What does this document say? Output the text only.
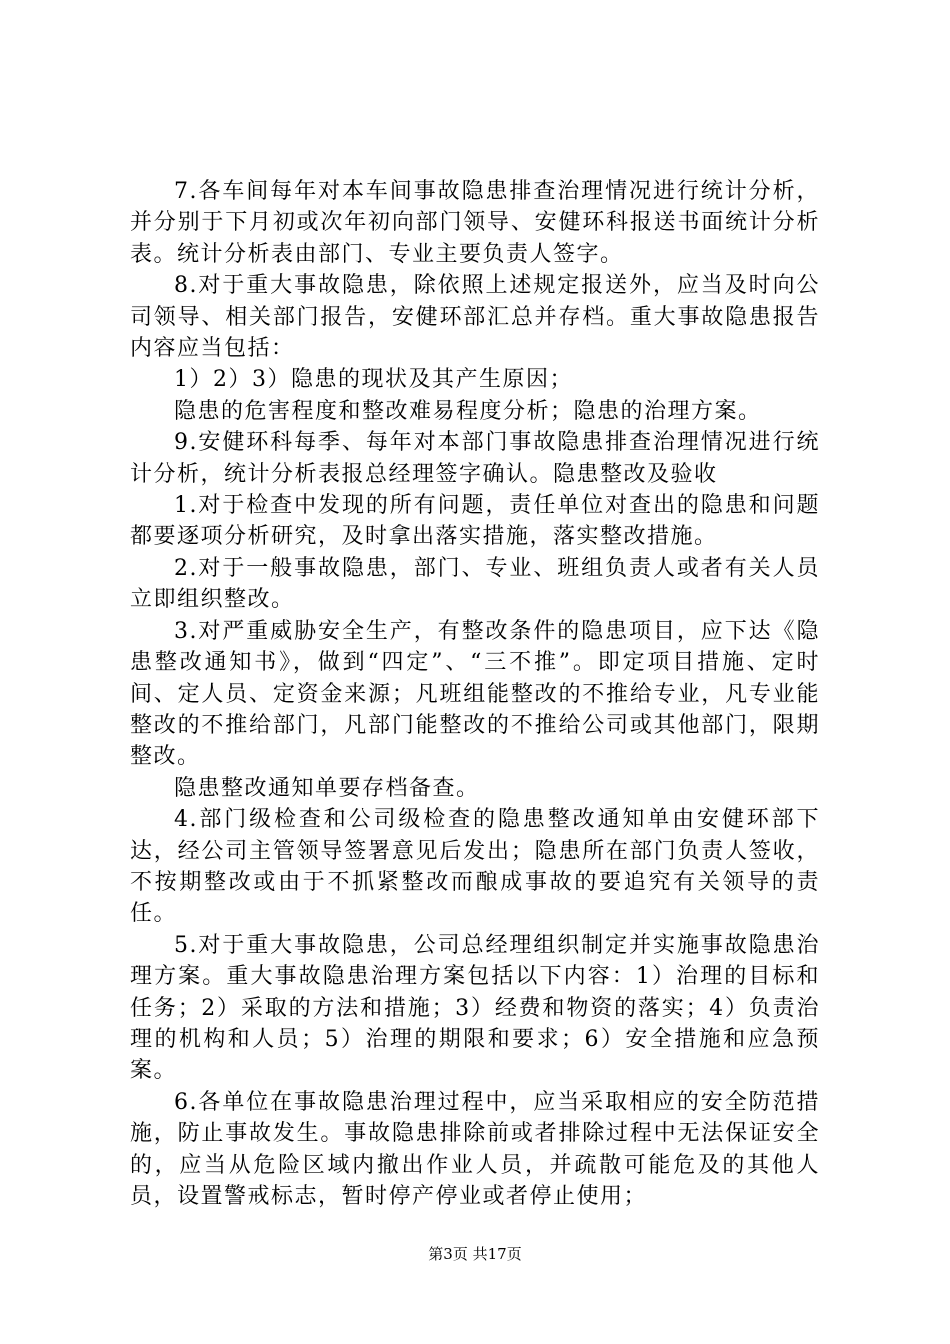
7.各车间每年对本车间事故隐患排查治理情况进行统计分析，并分别于下月初或次年初向部门领导、安健环科报送书面统计分析表。统计分析表由部门、专业主要负责人签字。

8.对于重大事故隐患，除依照上述规定报送外，应当及时向公司领导、相关部门报告，安健环部汇总并存档。重大事故隐患报告内容应当包括：

1）2）3）隐患的现状及其产生原因；

隐患的危害程度和整改难易程度分析；隐患的治理方案。

9.安健环科每季、每年对本部门事故隐患排查治理情况进行统计分析，统计分析表报总经理签字确认。隐患整改及验收

1.对于检查中发现的所有问题，责任单位对查出的隐患和问题都要逐项分析研究，及时拿出落实措施，落实整改措施。

2.对于一般事故隐患，部门、专业、班组负责人或者有关人员立即组织整改。

3.对严重威胁安全生产，有整改条件的隐患项目，应下达《隐患整改通知书》，做到“四定”、“三不推”。即定项目措施、定时间、定人员、定资金来源；凡班组能整改的不推给专业，凡专业能整改的不推给部门，凡部门能整改的不推给公司或其他部门，限期整改。

隐患整改通知单要存档备查。

4.部门级检查和公司级检查的隐患整改通知单由安健环部下达，经公司主管领导签署意见后发出；隐患所在部门负责人签收，不按期整改或由于不抓紧整改而酿成事故的要追究有关领导的责任。

5.对于重大事故隐患，公司总经理组织制定并实施事故隐患治理方案。重大事故隐患治理方案包括以下内容：1）治理的目标和任务；2）采取的方法和措施；3）经费和物资的落实；4）负责治理的机构和人员；5）治理的期限和要求；6）安全措施和应急预案。

6.各单位在事故隐患治理过程中，应当采取相应的安全防范措施，防止事故发生。事故隐患排除前或者排除过程中无法保证安全的，应当从危险区域内撤出作业人员，并疏散可能危及的其他人员，设置警戒标志，暂时停产停业或者停止使用；

第3页 共17页
